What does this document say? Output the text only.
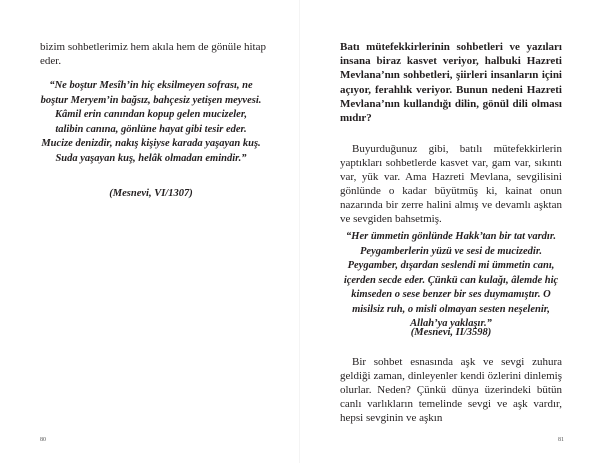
bizim sohbetlerimiz hem akıla hem de gönüle hitap eder.

“Ne boştur Mesîh’in hiç eksilmeyen sofrası, ne boştur Meryem’in bağsız, bahçesiz yetişen meyvesi. Kâmil erin canından kopup gelen mucizeler, talibin canına, gönlüne hayat gibi tesir eder. Mucize denizdir, nakış kişiyse karada yaşayan kuş. Suda yaşayan kuş, helâk olmadan emindir.”

(Mesnevi, VI/1307)

80

Batı mütefekkirlerinin sohbetleri ve yazıları insana biraz kasvet veriyor, halbuki Hazreti Mevlana’nın sohbetleri, şiirleri insanların içini açıyor, ferahlık veriyor. Bunun nedeni Hazreti Mevlana’nın kullandığı dilin, gönül dili olması mıdır?

Buyurduğunuz gibi, batılı mütefekkirlerin yaptıkları sohbetlerde kasvet var, gam var, sıkıntı var, yük var. Ama Hazreti Mevlana, sevgilisini gönlünde o kadar büyütmüş ki, kainat onun nazarında bir zerre halini almış ve devamlı aşktan ve sevgiden bahsetmiş.

“Her ümmetin gönlünde Hakk’tan bir tat vardır. Peygamberlerin yüzü ve sesi de mucizedir. Peygamber, dışardan seslendi mi ümmetin canı, içerden secde eder. Çünkü can kulağı, âlemde hiç kimseden o sese benzer bir ses duymamıştır. O misilsiz ruh, o misli olmayan sesten neşelenir, Allah’ya yaklaşır.”

(Mesnevi, II/3598)

Bir sohbet esnasında aşk ve sevgi zuhura geldiği zaman, dinleyenler kendi özlerini dinlemiş olurlar. Neden? Çünkü dünya üzerindeki bütün canlı varlıkların temelinde sevgi ve aşk vardır, hepsi sevginin ve aşkın

81
